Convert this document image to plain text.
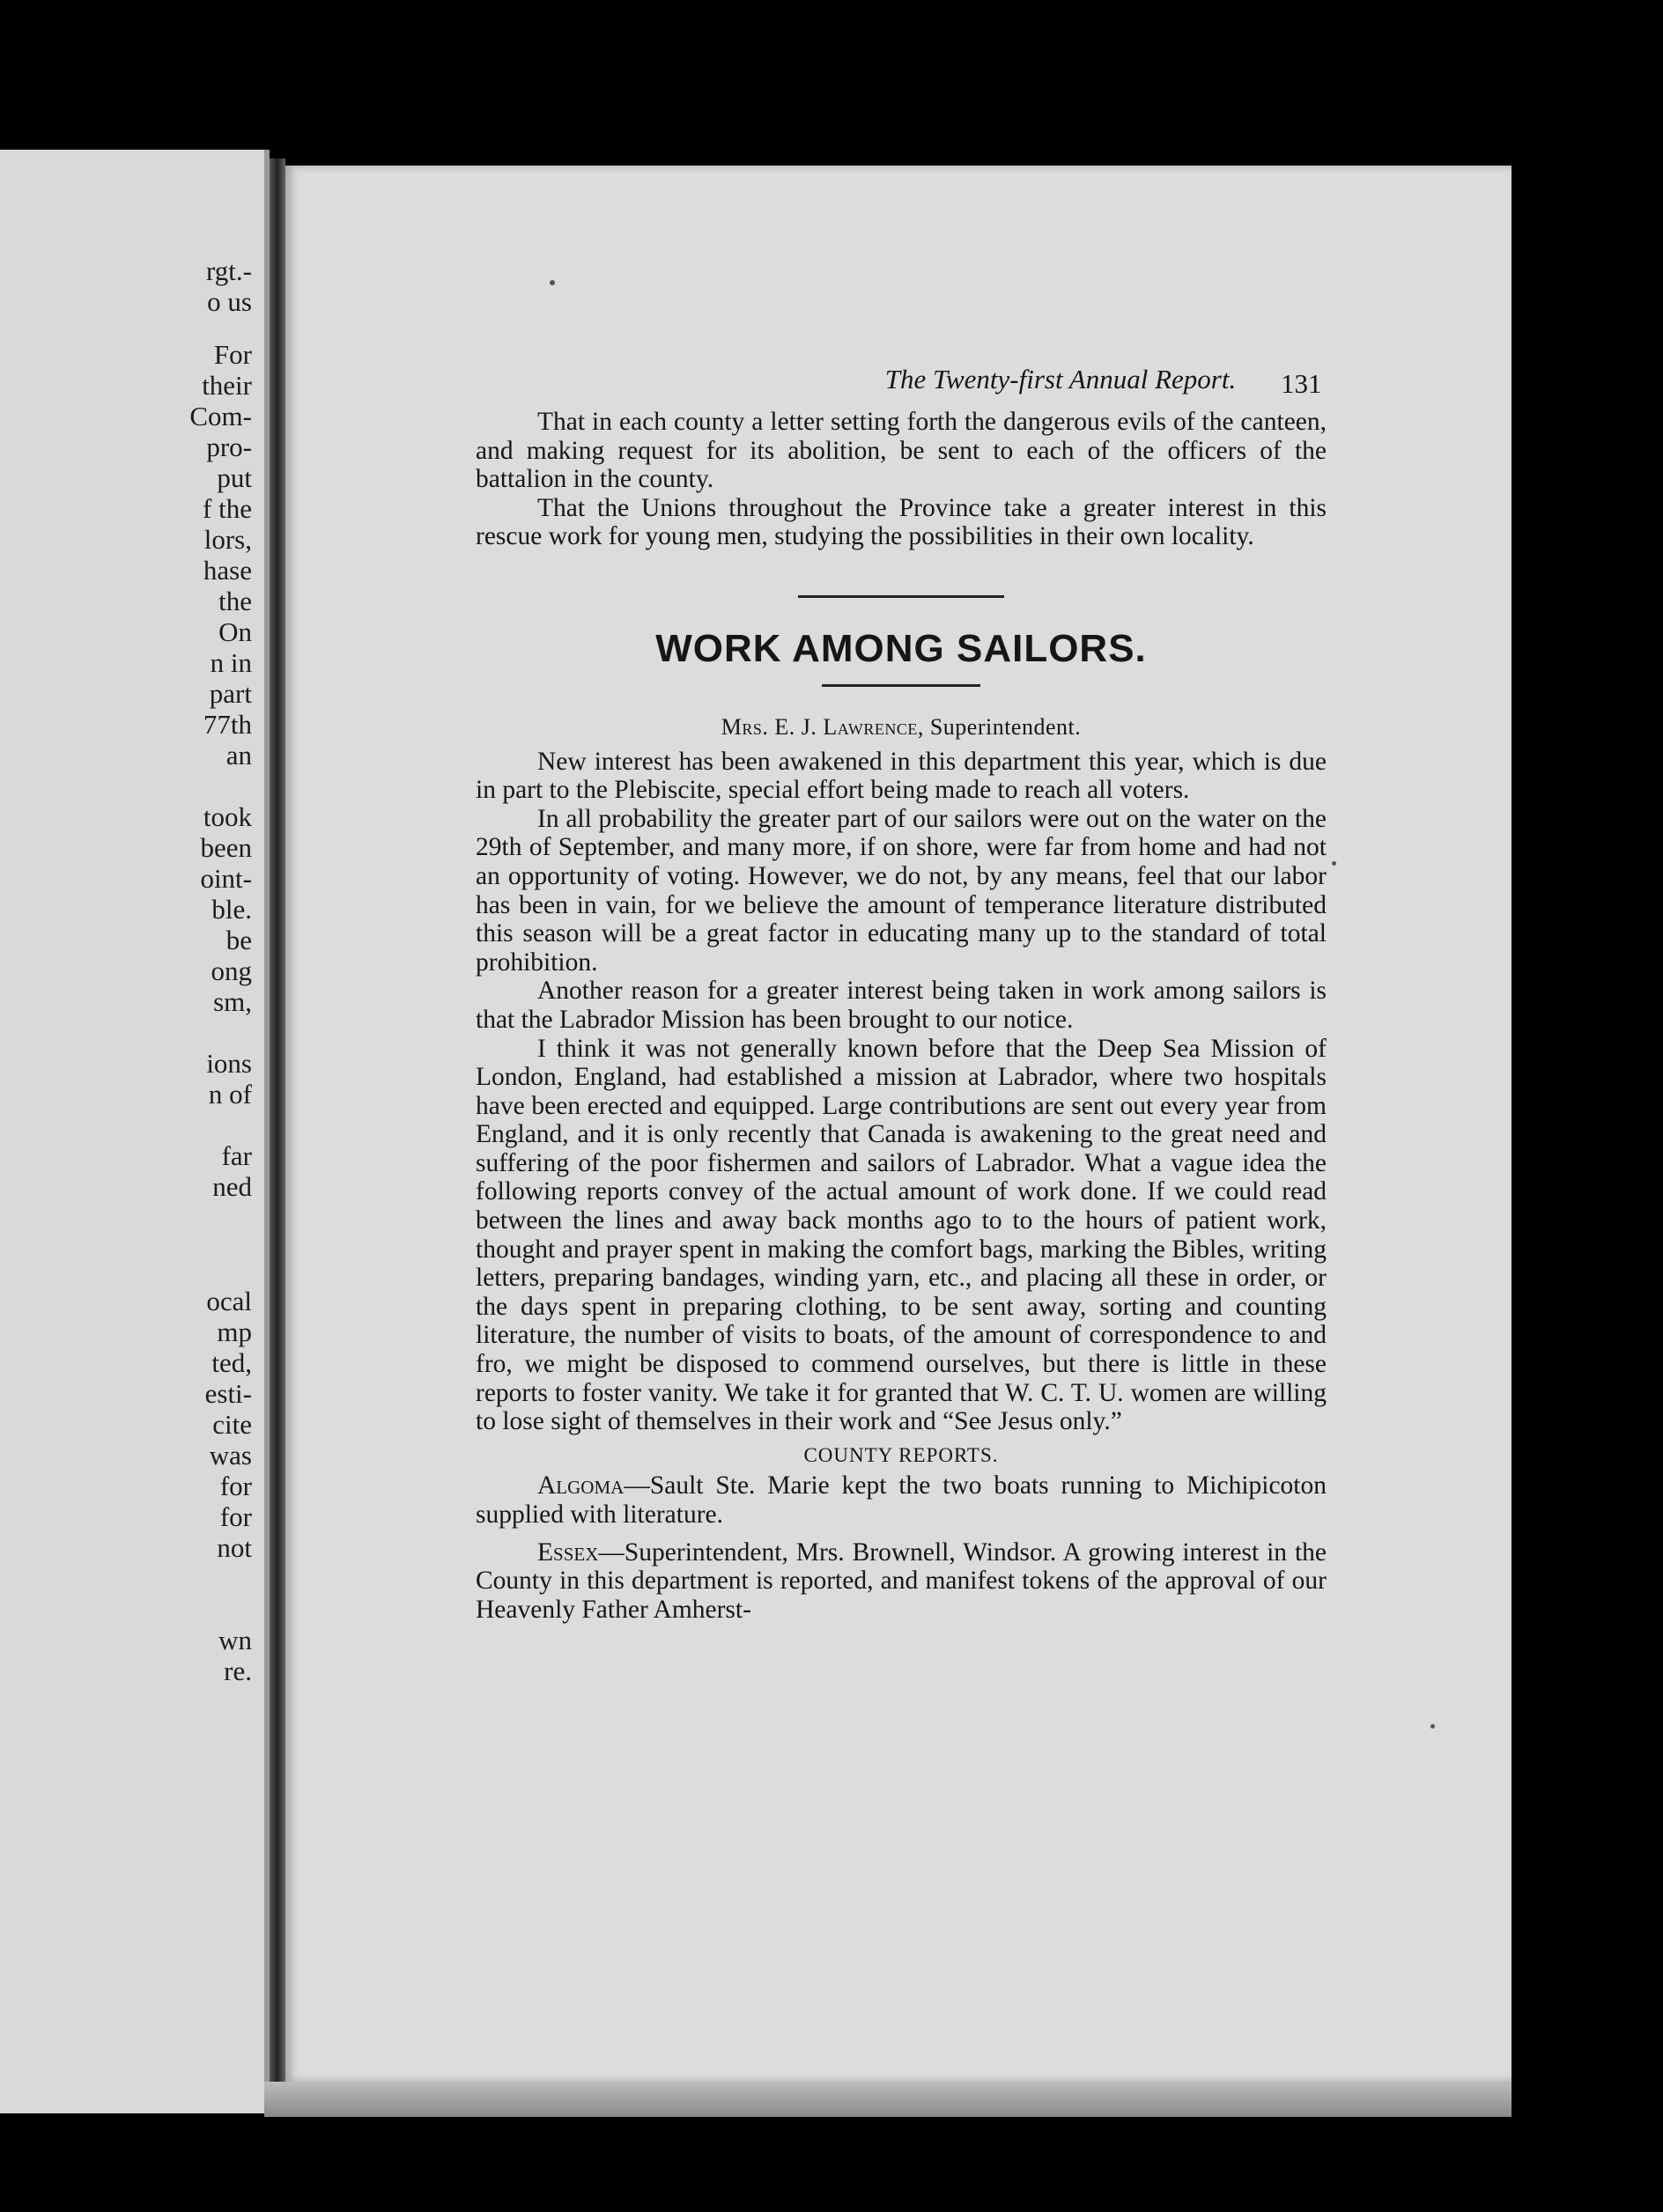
rgt.-
o us
For
their
Com-
pro-
put
f the
lors,
hase
the
On
n in
part
77th
an
took
been
oint-
ble.
be
ong
sm,
ions
n of
far
ned
ocal
mp
ted,
esti-
cite
was
for
for
not
wn
re.
The Twenty-first Annual Report.	131

That in each county a letter setting forth the dangerous evils of the canteen, and making request for its abolition, be sent to each of the officers of the battalion in the county.

That the Unions throughout the Province take a greater interest in this rescue work for young men, studying the possibilities in their own locality.

WORK AMONG SAILORS.
Mrs. E. J. Lawrence, Superintendent.

New interest has been awakened in this department this year, which is due in part to the Plebiscite, special effort being made to reach all voters.

In all probability the greater part of our sailors were out on the water on the 29th of September, and many more, if on shore, were far from home and had not an opportunity of voting. However, we do not, by any means, feel that our labor has been in vain, for we believe the amount of temperance literature distributed this season will be a great factor in educating many up to the standard of total prohibition.

Another reason for a greater interest being taken in work among sailors is that the Labrador Mission has been brought to our notice.

I think it was not generally known before that the Deep Sea Mission of London, England, had established a mission at Labrador, where two hospitals have been erected and equipped. Large contributions are sent out every year from England, and it is only recently that Canada is awakening to the great need and suffering of the poor fishermen and sailors of Labrador. What a vague idea the following reports convey of the actual amount of work done. If we could read between the lines and away back months ago to to the hours of patient work, thought and prayer spent in making the comfort bags, marking the Bibles, writing letters, preparing bandages, winding yarn, etc., and placing all these in order, or the days spent in preparing clothing, to be sent away, sorting and counting literature, the number of visits to boats, of the amount of correspondence to and fro, we might be disposed to commend ourselves, but there is little in these reports to foster vanity. We take it for granted that W. C. T. U. women are willing to lose sight of themselves in their work and “See Jesus only.”

COUNTY REPORTS.

Algoma—Sault Ste. Marie kept the two boats running to Michipicoton supplied with literature.

Essex—Superintendent, Mrs. Brownell, Windsor. A growing interest in the County in this department is reported, and manifest tokens of the approval of our Heavenly Father Amherst-
